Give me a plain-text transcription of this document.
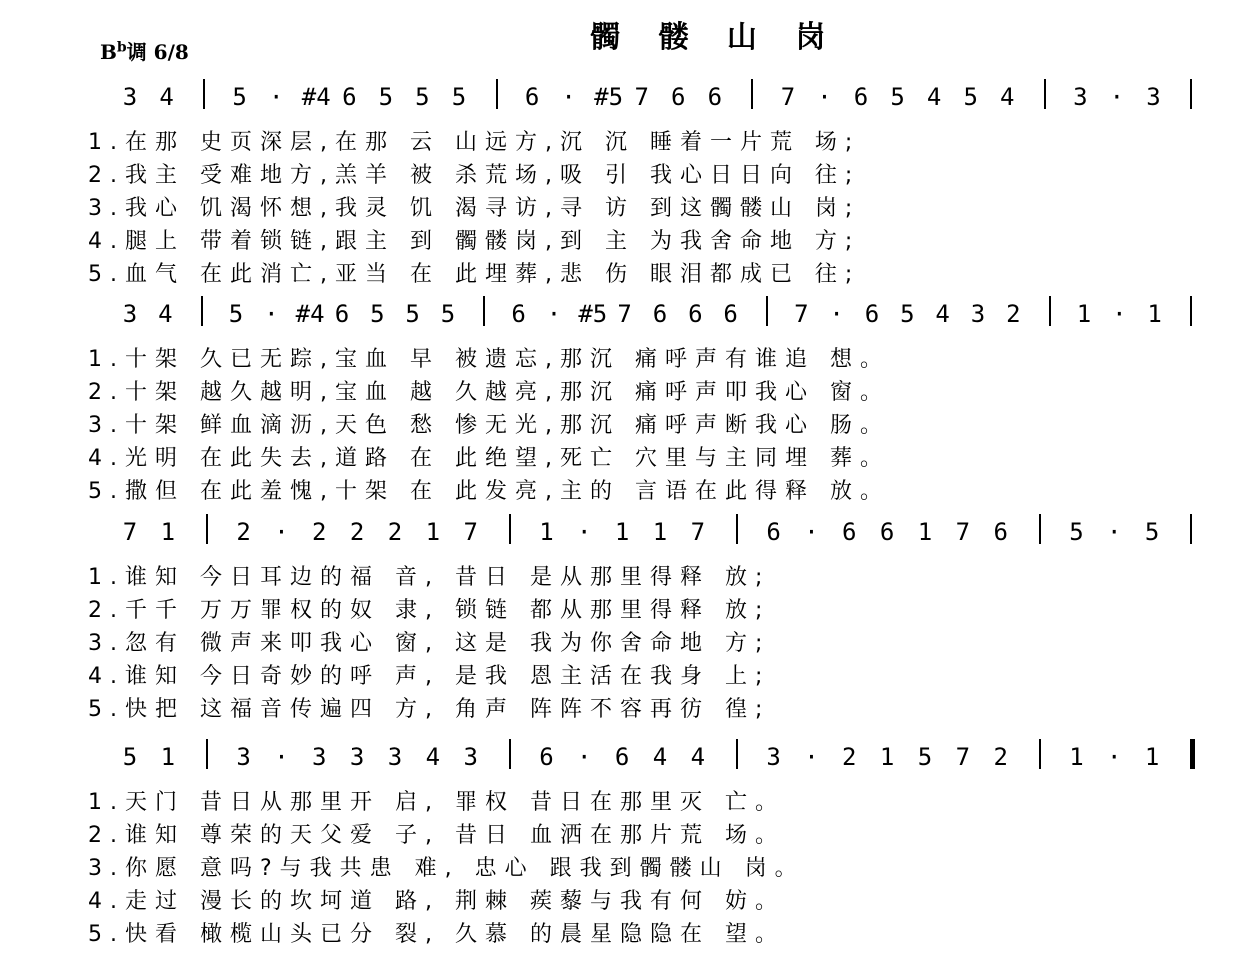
髑 髅 山 岗
$B^b$调 6/8
3 4 5 · #4 6 5 5 5 6 · #5 7 6 6 7 · 6 5 4 5 4 3 · 3
1.在那 史页深层,在那 云 山远方,沉 沉 睡着一片荒 场;
2.我主 受难地方,羔羊 被 杀荒场,吸 引 我心日日向 往;
3.我心 饥渴怀想,我灵 饥 渴寻访,寻 访 到这髑髅山 岗;
4.腿上 带着锁链,跟主 到 髑髅岗,到 主 为我舍命地 方;
5.血气 在此消亡,亚当 在 此埋葬,悲 伤 眼泪都成已 往;
3 4 5 · #4 6 5 5 5 6 · #5 7 6 6 6 7 · 6 5 4 3 2 1 · 1
1.十架 久已无踪,宝血 早 被遗忘,那沉 痛呼声有谁追 想。
2.十架 越久越明,宝血 越 久越亮,那沉 痛呼声叩我心 窗。
3.十架 鲜血滴沥,天色 愁 惨无光,那沉 痛呼声断我心 肠。
4.光明 在此失去,道路 在 此绝望,死亡 穴里与主同埋 葬。
5.撒但 在此羞愧,十架 在 此发亮,主的 言语在此得释 放。
7 1	2 · 2 2 2 1 7	1 · 1 1 7	6 · 6 6 1 7 6	5 · 5
1.谁知 今日耳边的福 音, 昔日 是从那里得释 放;
2.千千 万万罪权的奴 隶, 锁链 都从那里得释 放;
3.忽有 微声来叩我心 窗, 这是 我为你舍命地 方;
4.谁知 今日奇妙的呼 声, 是我 恩主活在我身 上;
5.快把 这福音传遍四 方, 角声 阵阵不容再彷 徨;
5 1	3 · 3 3 3 4 3	6 · 6 4 4	3 · 2 1 5 7 2	1 · 1
1.天门 昔日从那里开 启, 罪权 昔日在那里灭 亡。
2.谁知 尊荣的天父爱 子, 昔日 血洒在那片荒 场。
3.你愿 意吗?与我共患 难, 忠心 跟我到髑髅山 岗。
4.走过 漫长的坎坷道 路, 荆棘 蒺藜与我有何 妨。
5.快看 橄榄山头已分 裂, 久慕 的晨星隐隐在 望。
